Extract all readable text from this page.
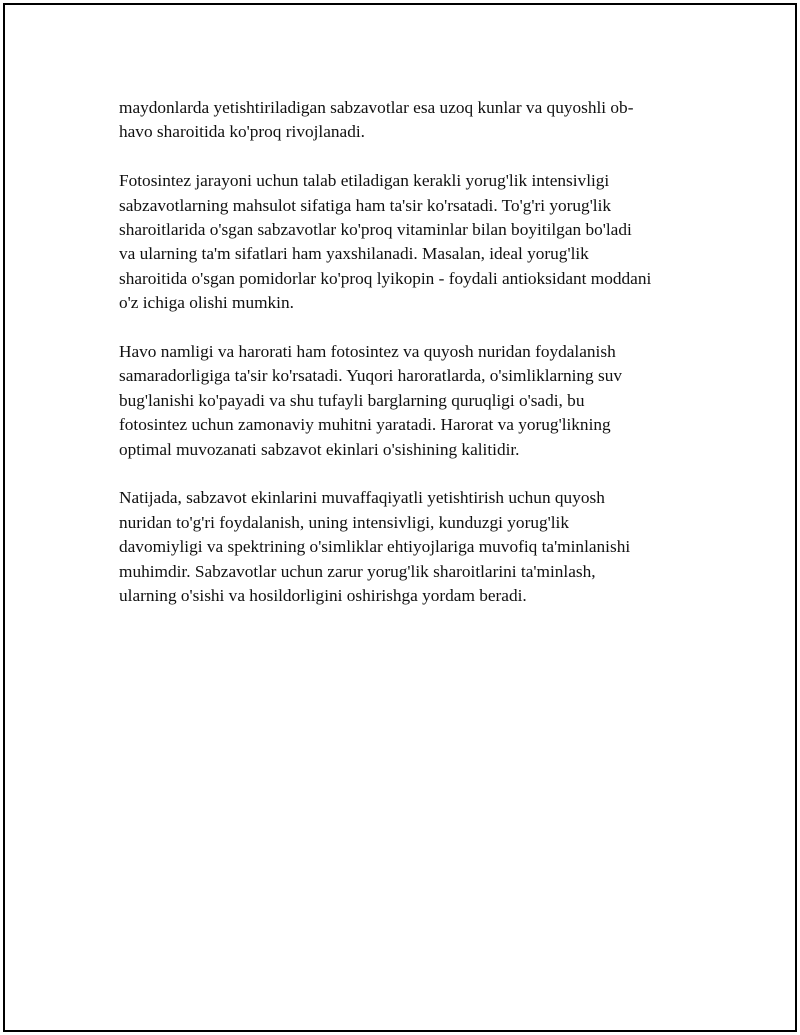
maydonlarda yetishtiriladigan sabzavotlar esa uzoq kunlar va quyoshli ob-
havo sharoitida ko'proq rivojlanadi.

Fotosintez jarayoni uchun talab etiladigan kerakli yorug'lik intensivligi
sabzavotlarning mahsulot sifatiga ham ta'sir ko'rsatadi. To'g'ri yorug'lik
sharoitlarida o'sgan sabzavotlar ko'proq vitaminlar bilan boyitilgan bo'ladi
va ularning ta'm sifatlari ham yaxshilanadi. Masalan, ideal yorug'lik
sharoitida o'sgan pomidorlar ko'proq lyikopin - foydali antioksidant moddani
o'z ichiga olishi mumkin.

Havo namligi va harorati ham fotosintez va quyosh nuridan foydalanish
samaradorligiga ta'sir ko'rsatadi. Yuqori haroratlarda, o'simliklarning suv
bug'lanishi ko'payadi va shu tufayli barglarning quruqligi o'sadi, bu
fotosintez uchun zamonaviy muhitni yaratadi. Harorat va yorug'likning
optimal muvozanati sabzavot ekinlari o'sishining kalitidir.

Natijada, sabzavot ekinlarini muvaffaqiyatli yetishtirish uchun quyosh
nuridan to'g'ri foydalanish, uning intensivligi, kunduzgi yorug'lik
davomiyligi va spektrining o'simliklar ehtiyojlariga muvofiq ta'minlanishi
muhimdir. Sabzavotlar uchun zarur yorug'lik sharoitlarini ta'minlash,
ularning o'sishi va hosildorligini oshirishga yordam beradi.
